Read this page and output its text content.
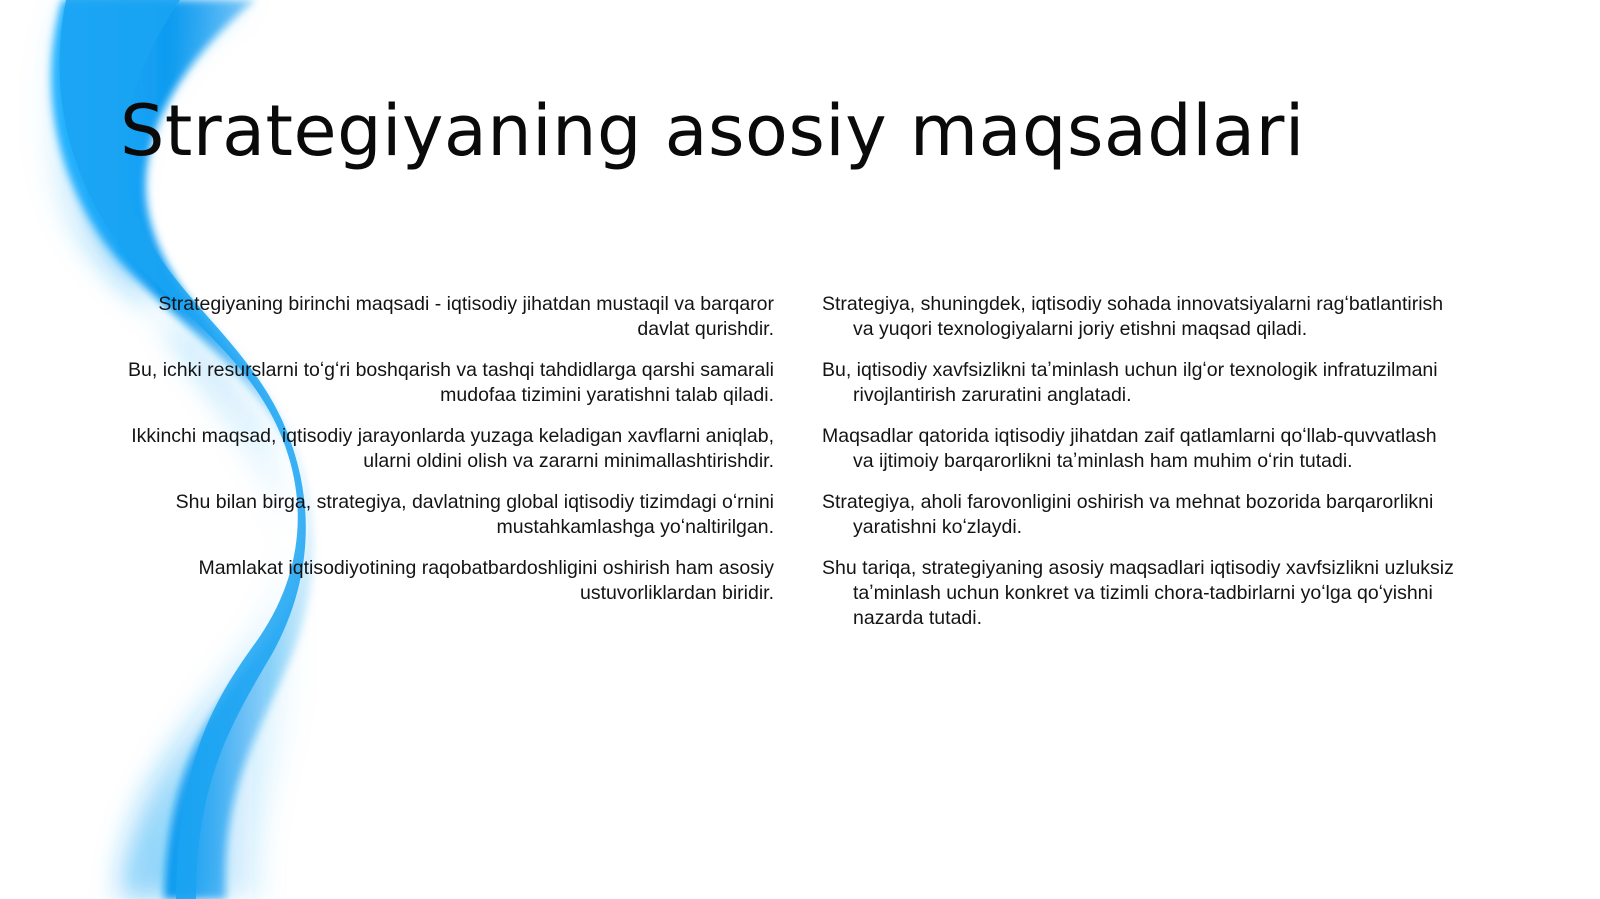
Strategiyaning asosiy maqsadlari
Strategiyaning birinchi maqsadi - iqtisodiy jihatdan mustaqil va barqaror davlat qurishdir.
Bu, ichki resurslarni toʻgʻri boshqarish va tashqi tahdidlarga qarshi samarali mudofaa tizimini yaratishni talab qiladi.
Ikkinchi maqsad, iqtisodiy jarayonlarda yuzaga keladigan xavflarni aniqlab, ularni oldini olish va zararni minimallashtirishdir.
Shu bilan birga, strategiya, davlatning global iqtisodiy tizimdagi oʻrnini mustahkamlashga yoʻnaltirilgan.
Mamlakat iqtisodiyotining raqobatbardoshligini oshirish ham asosiy ustuvorliklardan biridir.
Strategiya, shuningdek, iqtisodiy sohada innovatsiyalarni ragʻbatlantirish va yuqori texnologiyalarni joriy etishni maqsad qiladi.
Bu, iqtisodiy xavfsizlikni taʼminlash uchun ilgʻor texnologik infratuzilmani rivojlantirish zaruratini anglatadi.
Maqsadlar qatorida iqtisodiy jihatdan zaif qatlamlarni qoʻllab-quvvatlash va ijtimoiy barqarorlikni taʼminlash ham muhim oʻrin tutadi.
Strategiya, aholi farovonligini oshirish va mehnat bozorida barqarorlikni yaratishni koʻzlaydi.
Shu tariqa, strategiyaning asosiy maqsadlari iqtisodiy xavfsizlikni uzluksiz taʼminlash uchun konkret va tizimli chora-tadbirlarni yoʻlga qoʻyishni nazarda tutadi.
